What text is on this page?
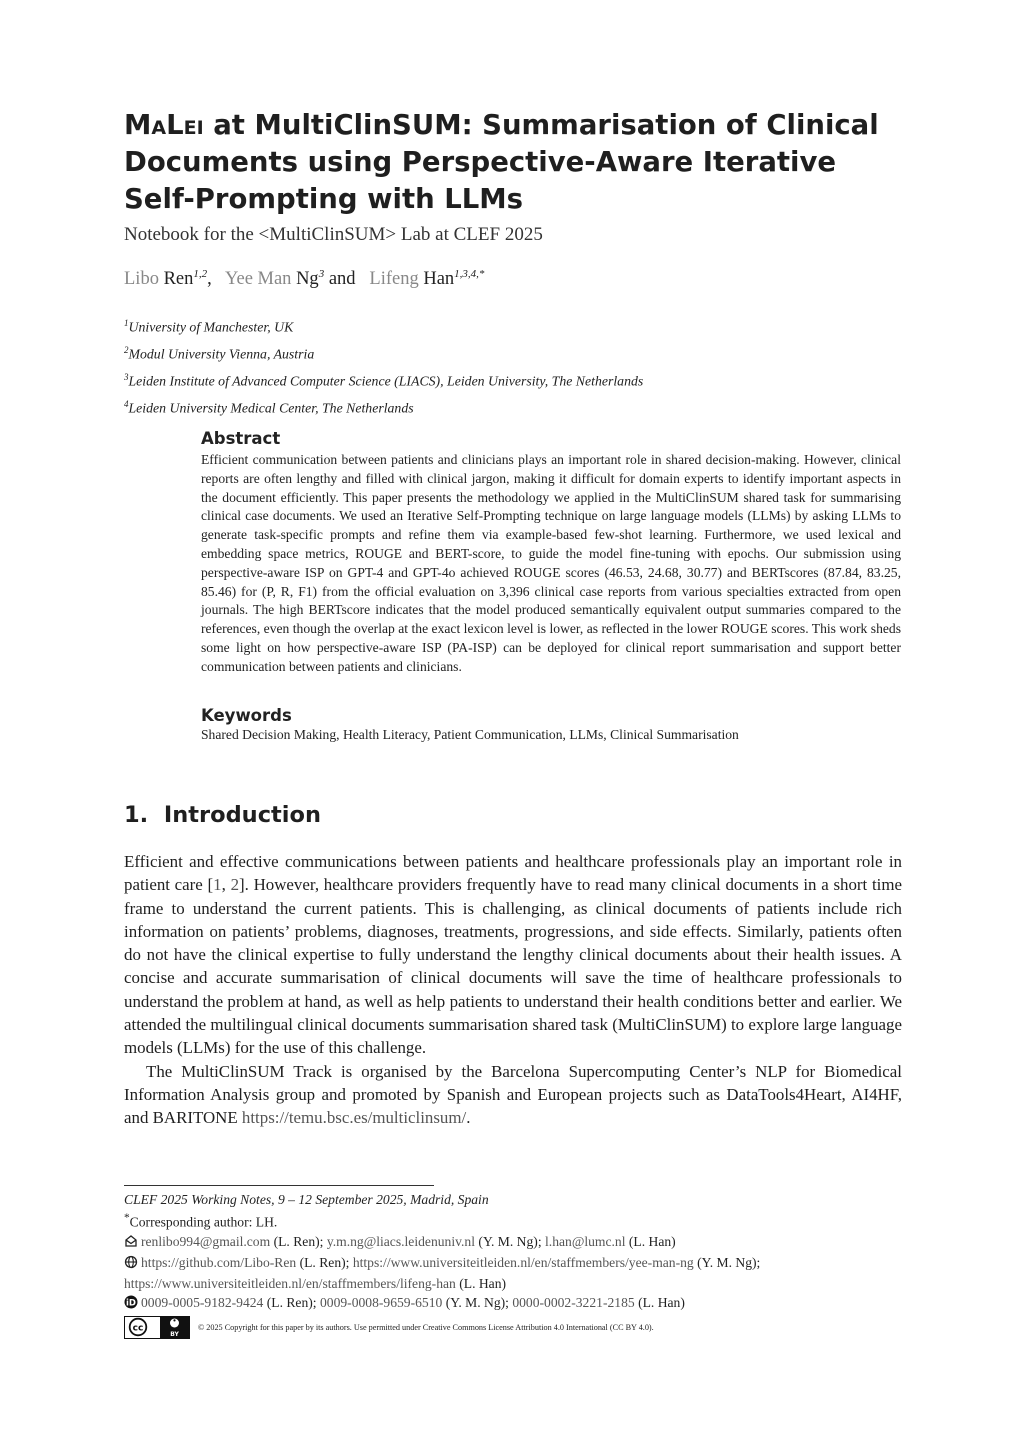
MaLei at MultiClinSUM: Summarisation of Clinical Documents using Perspective-Aware Iterative Self-Prompting with LLMs
Notebook for the <MultiClinSUM> Lab at CLEF 2025
Libo Ren$^{1,2}$, Yee Man Ng$^3$ and Lifeng Han$^{1,3,4,*}$
$^1$University of Manchester, UK
$^2$Modul University Vienna, Austria
$^3$Leiden Institute of Advanced Computer Science (LIACS), Leiden University, The Netherlands
$^4$Leiden University Medical Center, The Netherlands
Abstract
Efficient communication between patients and clinicians plays an important role in shared decision-making. However, clinical reports are often lengthy and filled with clinical jargon, making it difficult for domain experts to identify important aspects in the document efficiently. This paper presents the methodology we applied in the MultiClinSUM shared task for summarising clinical case documents. We used an Iterative Self-Prompting technique on large language models (LLMs) by asking LLMs to generate task-specific prompts and refine them via example-based few-shot learning. Furthermore, we used lexical and embedding space metrics, ROUGE and BERT-score, to guide the model fine-tuning with epochs. Our submission using perspective-aware ISP on GPT-4 and GPT-4o achieved ROUGE scores (46.53, 24.68, 30.77) and BERTscores (87.84, 83.25, 85.46) for (P, R, F1) from the official evaluation on 3,396 clinical case reports from various specialties extracted from open journals. The high BERTscore indicates that the model produced semantically equivalent output summaries compared to the references, even though the overlap at the exact lexicon level is lower, as reflected in the lower ROUGE scores. This work sheds some light on how perspective-aware ISP (PA-ISP) can be deployed for clinical report summarisation and support better communication between patients and clinicians.
Keywords
Shared Decision Making, Health Literacy, Patient Communication, LLMs, Clinical Summarisation
1.  Introduction

Efficient and effective communications between patients and healthcare professionals play an important role in patient care [1, 2]. However, healthcare providers frequently have to read many clinical documents in a short time frame to understand the current patients. This is challenging, as clinical documents of patients include rich information on patients’ problems, diagnoses, treatments, progressions, and side effects. Similarly, patients often do not have the clinical expertise to fully understand the lengthy clinical documents about their health issues. A concise and accurate summarisation of clinical documents will save the time of healthcare professionals to understand the problem at hand, as well as help patients to understand their health conditions better and earlier. We attended the multilingual clinical documents summarisation shared task (MultiClinSUM) to explore large language models (LLMs) for the use of this challenge.

The MultiClinSUM Track is organised by the Barcelona Supercomputing Center’s NLP for Biomedical Information Analysis group and promoted by Spanish and European projects such as DataTools4Heart, AI4HF, and BARITONE https://temu.bsc.es/multiclinsum/.

CLEF 2025 Working Notes, 9 – 12 September 2025, Madrid, Spain
*Corresponding author: LH.
renlibo994@gmail.com (L. Ren); y.m.ng@liacs.leidenuniv.nl (Y. M. Ng); l.han@lumc.nl (L. Han)
https://github.com/Libo-Ren (L. Ren); https://www.universiteitleiden.nl/en/staffmembers/yee-man-ng (Y. M. Ng);
https://www.universiteitleiden.nl/en/staffmembers/lifeng-han (L. Han)
iD 0009-0005-9182-9424 (L. Ren); 0009-0008-9659-6510 (Y. M. Ng); 0000-0002-3221-2185 (L. Han)
cc
BY
© 2025 Copyright for this paper by its authors. Use permitted under Creative Commons License Attribution 4.0 International (CC BY 4.0).
